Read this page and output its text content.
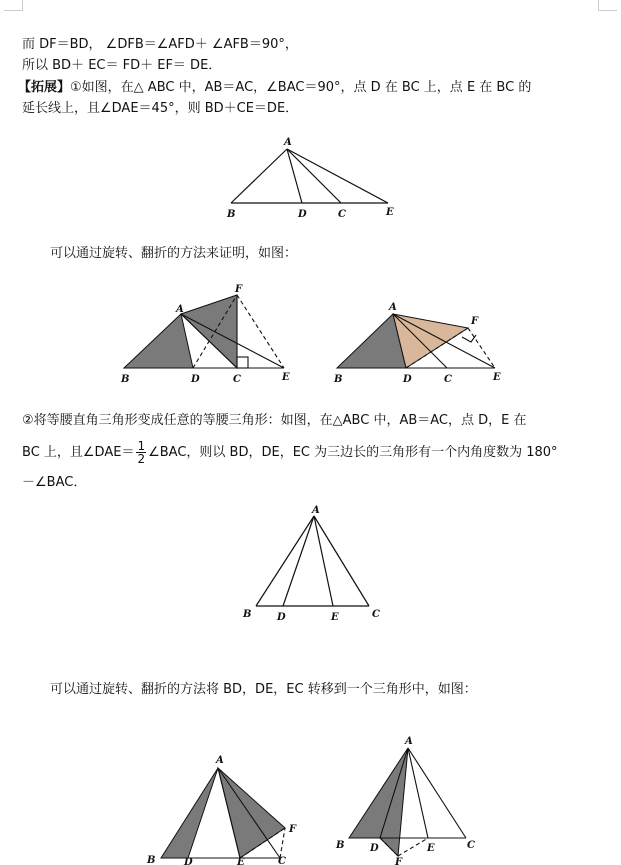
而 DF＝BD， ∠DFB＝∠AFD＋ ∠AFB＝90°，
所以 BD＋ EC＝ FD＋ EF＝ DE．
【拓展】①如图，在△ ABC 中，AB＝AC，∠BAC＝90°，点 D 在 BC 上，点 E 在 BC 的
延长线上，且∠DAE＝45°，则 BD＋CE＝DE．
可以通过旋转、翻折的方法来证明，如图：
②将等腰直角三角形变成任意的等腰三角形：如图，在△ABC 中，AB＝AC，点 D，E 在
BC 上，且∠DAE＝ $\frac{1}{2}$ ∠BAC，则以 BD，DE，EC 为三边长的三角形有一个内角度数为 180°
－∠BAC．
可以通过旋转、翻折的方法将 BD，DE，EC 转移到一个三角形中，如图：
A
B	D	C	E
A
F
B	D	C	E
A
F
B	D	C	E
A
B	D	E	C
A
F
B	D	E	C
A
B	D	E	C
F
